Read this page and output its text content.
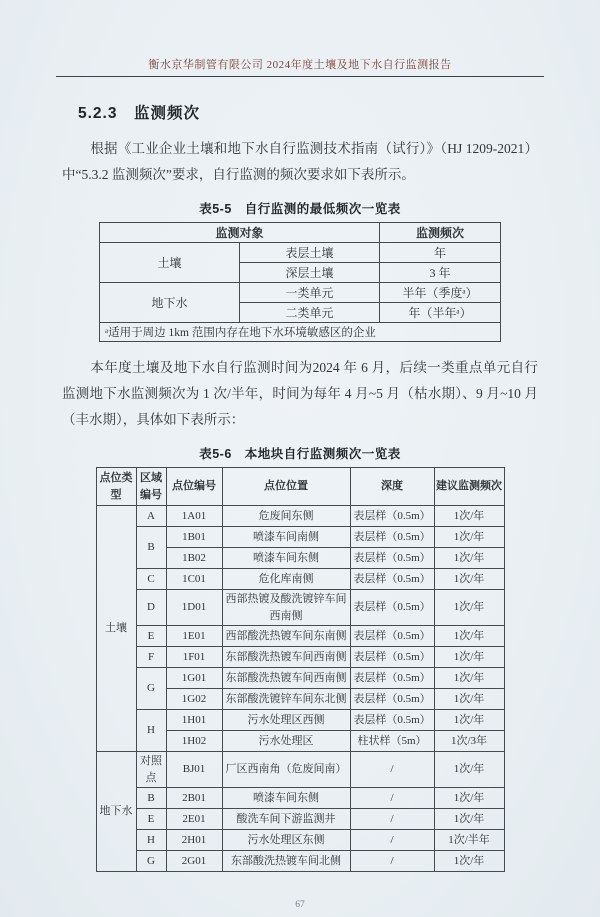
衡水京华制管有限公司 2024年度土壤及地下水自行监测报告
5.2.3　监测频次

根据《工业企业土壤和地下水自行监测技术指南（试行）》（HJ 1209-2021） 中“5.3.2 监测频次”要求，自行监测的频次要求如下表所示。

表5-5　自行监测的最低频次一览表
监测对象		监测频次
土壤	表层土壤	年
	深层土壤	3 年
地下水	一类单元	半年（季度ᵃ）
	二类单元	年（半年ᵃ）
ᵃ适用于周边 1km 范围内存在地下水环境敏感区的企业		

本年度土壤及地下水自行监测时间为2024 年 6 月，后续一类重点单元自行监测地下水监测频次为 1 次/半年，时间为每年 4 月~5 月（枯水期）、9 月~10 月（丰水期），具体如下表所示：

表5-6　本地块自行监测频次一览表
点位类型	区域编号	点位编号	点位位置	深度	建议监测频次
土壤	A	1A01	危废间东侧	表层样（0.5m）	1次/年
	B	1B01	喷漆车间南侧	表层样（0.5m）	1次/年
		1B02	喷漆车间东侧	表层样（0.5m）	1次/年
	C	1C01	危化库南侧	表层样（0.5m）	1次/年
	D	1D01	西部热镀及酸洗镀锌车间西南侧	表层样（0.5m）	1次/年
	E	1E01	西部酸洗热镀车间东南侧	表层样（0.5m）	1次/年
	F	1F01	东部酸洗热镀车间西南侧	表层样（0.5m）	1次/年
	G	1G01	东部酸洗热镀车间西南侧	表层样（0.5m）	1次/年
		1G02	东部酸洗镀锌车间东北侧	表层样（0.5m）	1次/年
	H	1H01	污水处理区西侧	表层样（0.5m）	1次/年
		1H02	污水处理区	柱状样（5m）	1次/3年
地下水	对照点	BJ01	厂区西南角（危废间南）	/	1次/年
	B	2B01	喷漆车间东侧	/	1次/年
	E	2E01	酸洗车间下游监测井	/	1次/年
	H	2H01	污水处理区东侧	/	1次/半年
	G	2G01	东部酸洗热镀车间北侧	/	1次/年
67
